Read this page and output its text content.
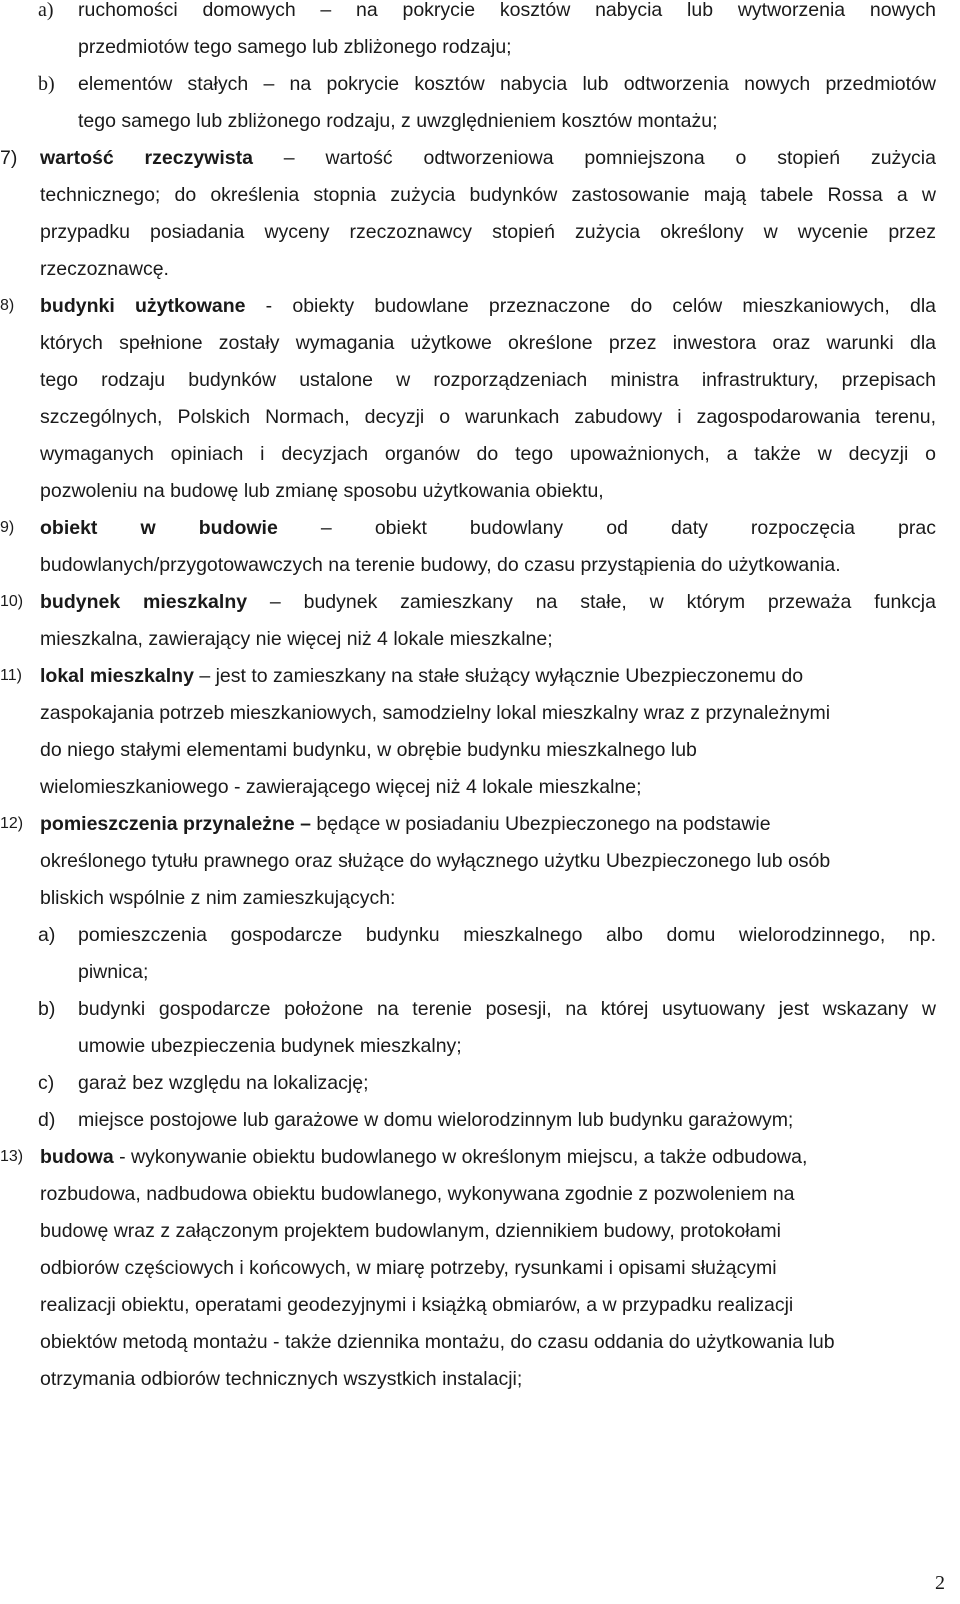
a)	ruchomości domowych – na pokrycie kosztów nabycia lub wytworzenia nowych
przedmiotów tego samego lub zbliżonego rodzaju;
b)	elementów stałych – na pokrycie kosztów nabycia lub odtworzenia nowych przedmiotów
tego samego lub zbliżonego rodzaju, z uwzględnieniem kosztów montażu;
7)	wartość rzeczywista – wartość odtworzeniowa pomniejszona o stopień zużycia
technicznego; do określenia stopnia zużycia budynków zastosowanie mają tabele Rossa a w
przypadku posiadania wyceny rzeczoznawcy stopień zużycia określony w wycenie przez
rzeczoznawcę.
8)	budynki użytkowane - obiekty budowlane przeznaczone do celów mieszkaniowych, dla
których spełnione zostały wymagania użytkowe określone przez inwestora oraz warunki dla
tego rodzaju budynków ustalone w rozporządzeniach ministra infrastruktury, przepisach
szczególnych, Polskich Normach, decyzji o warunkach zabudowy i zagospodarowania terenu,
wymaganych opiniach i decyzjach organów do tego upoważnionych, a także w decyzji o
pozwoleniu na budowę lub zmianę sposobu użytkowania obiektu,
9)	obiekt w budowie – obiekt budowlany od daty rozpoczęcia prac
budowlanych/przygotowawczych na terenie budowy, do czasu przystąpienia do użytkowania.
10) budynek mieszkalny – budynek zamieszkany na stałe, w którym przeważa funkcja
mieszkalna, zawierający nie więcej niż 4 lokale mieszkalne;
11) lokal mieszkalny – jest to zamieszkany na stałe służący wyłącznie Ubezpieczonemu do
zaspokajania potrzeb mieszkaniowych, samodzielny lokal mieszkalny wraz z przynależnymi
do niego stałymi elementami budynku, w obrębie budynku mieszkalnego lub
wielomieszkaniowego - zawierającego więcej niż 4 lokale mieszkalne;
12) pomieszczenia przynależne – będące w posiadaniu Ubezpieczonego na podstawie
określonego tytułu prawnego oraz służące do wyłącznego użytku Ubezpieczonego lub osób
bliskich wspólnie z nim zamieszkujących:
a)	pomieszczenia gospodarcze budynku mieszkalnego albo domu wielorodzinnego, np.
piwnica;
b)	budynki gospodarcze położone na terenie posesji, na której usytuowany jest wskazany w
umowie ubezpieczenia budynek mieszkalny;
c)	garaż bez względu na lokalizację;
d)	miejsce postojowe lub garażowe w domu wielorodzinnym lub budynku garażowym;
13) budowa - wykonywanie obiektu budowlanego w określonym miejscu, a także odbudowa,
rozbudowa, nadbudowa obiektu budowlanego, wykonywana zgodnie z pozwoleniem na
budowę wraz z załączonym projektem budowlanym, dziennikiem budowy, protokołami
odbiorów częściowych i końcowych, w miarę potrzeby, rysunkami i opisami służącymi
realizacji obiektu, operatami geodezyjnymi i książką obmiarów, a w przypadku realizacji
obiektów metodą montażu - także dziennika montażu, do czasu oddania do użytkowania lub
otrzymania odbiorów technicznych wszystkich instalacji;
2
